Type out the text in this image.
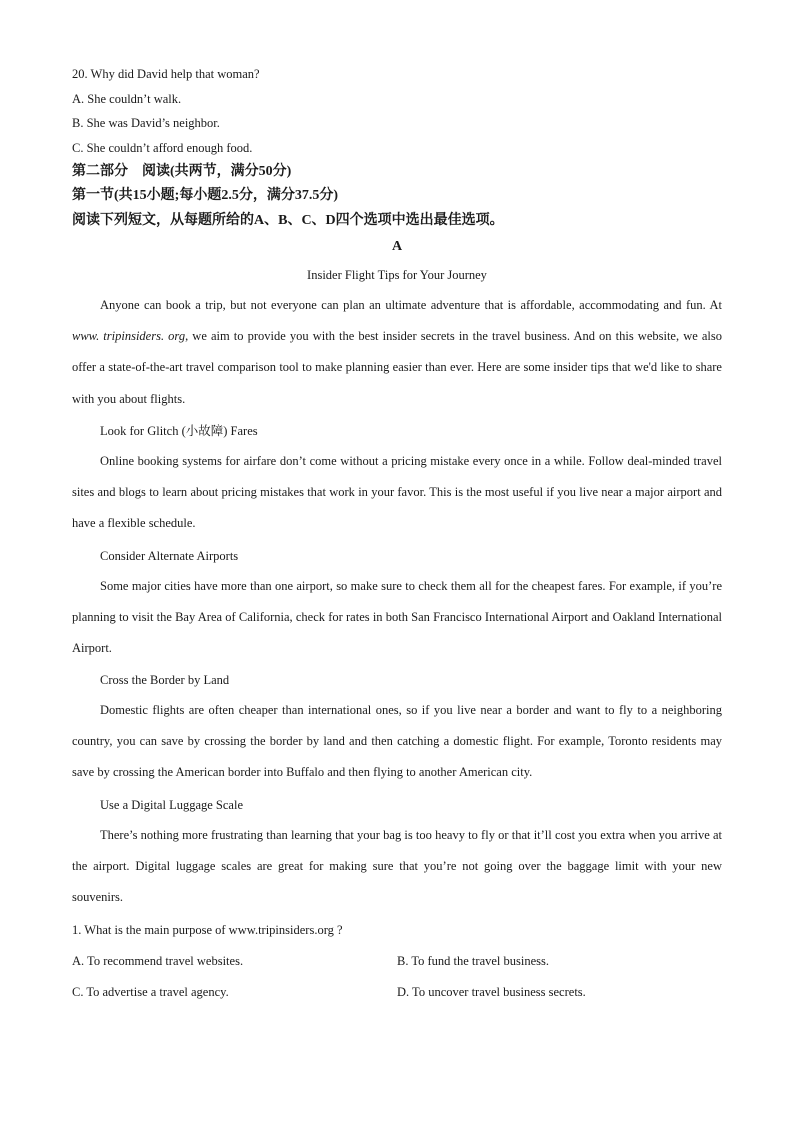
20. Why did David help that woman?
A. She couldn’t walk.
B. She was David’s neighbor.
C. She couldn’t afford enough food.
第二部分　阅读(共两节，满分50分)
第一节(共15小题;每小题2.5分，满分37.5分)
阅读下列短文，从每题所给的A、B、C、D四个选项中选出最佳选项。
A
Insider Flight Tips for Your Journey
Anyone can book a trip, but not everyone can plan an ultimate adventure that is affordable, accommodating and fun. At www. tripinsiders. org, we aim to provide you with the best insider secrets in the travel business. And on this website, we also offer a state-of-the-art travel comparison tool to make planning easier than ever. Here are some insider tips that we'd like to share with you about flights.
Look for Glitch (小故障) Fares
Online booking systems for airfare don’t come without a pricing mistake every once in a while. Follow deal-minded travel sites and blogs to learn about pricing mistakes that work in your favor. This is the most useful if you live near a major airport and have a flexible schedule.
Consider Alternate Airports
Some major cities have more than one airport, so make sure to check them all for the cheapest fares. For example, if you’re planning to visit the Bay Area of California, check for rates in both San Francisco International Airport and Oakland International Airport.
Cross the Border by Land
Domestic flights are often cheaper than international ones, so if you live near a border and want to fly to a neighboring country, you can save by crossing the border by land and then catching a domestic flight. For example, Toronto residents may save by crossing the American border into Buffalo and then flying to another American city.
Use a Digital Luggage Scale
There’s nothing more frustrating than learning that your bag is too heavy to fly or that it’ll cost you extra when you arrive at the airport. Digital luggage scales are great for making sure that you’re not going over the baggage limit with your new souvenirs.
1. What is the main purpose of www.tripinsiders.org ?
A. To recommend travel websites.	B. To fund the travel business.
C. To advertise a travel agency.	D. To uncover travel business secrets.
